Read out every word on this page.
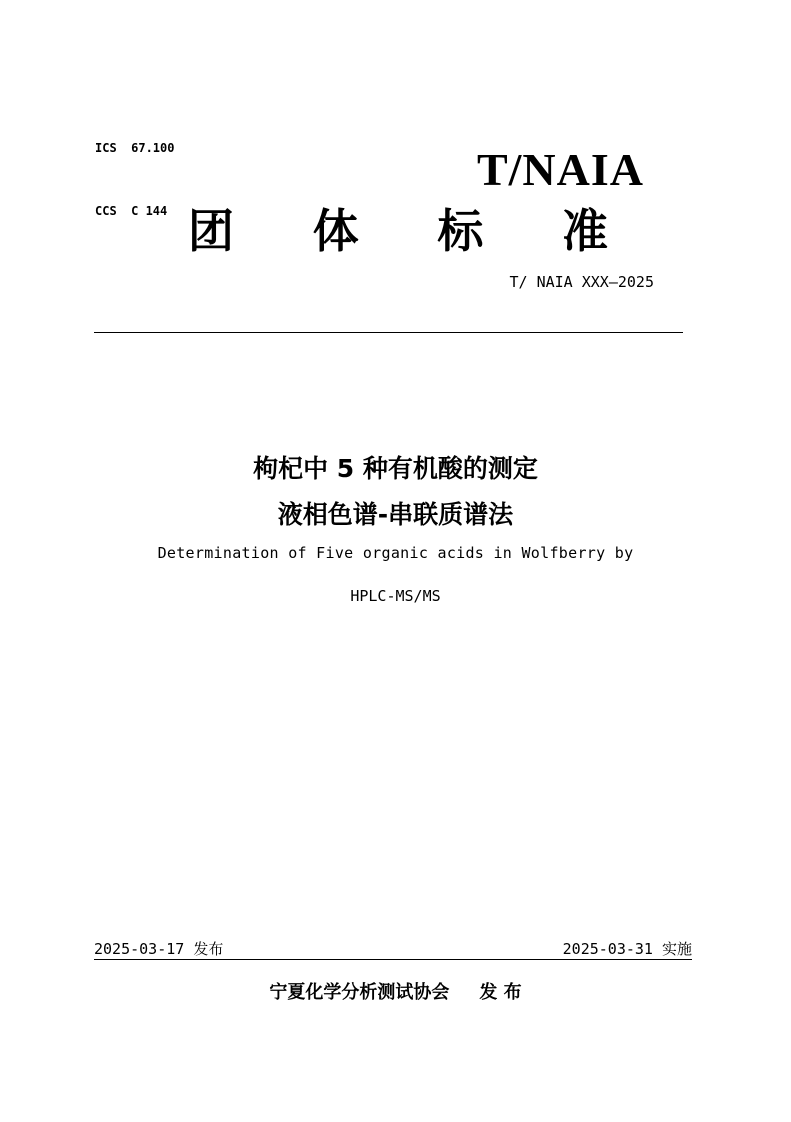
ICS  67.100

CCS  C 144

T/NAIA
团 体 标 准
T/ NAIA XXX—2025
枸杞中 5 种有机酸的测定
液相色谱-串联质谱法
Determination of Five organic acids in Wolfberry by
HPLC-MS/MS
2025-03-17 发布	2025-03-31 实施
宁夏化学分析测试协会 发 布
